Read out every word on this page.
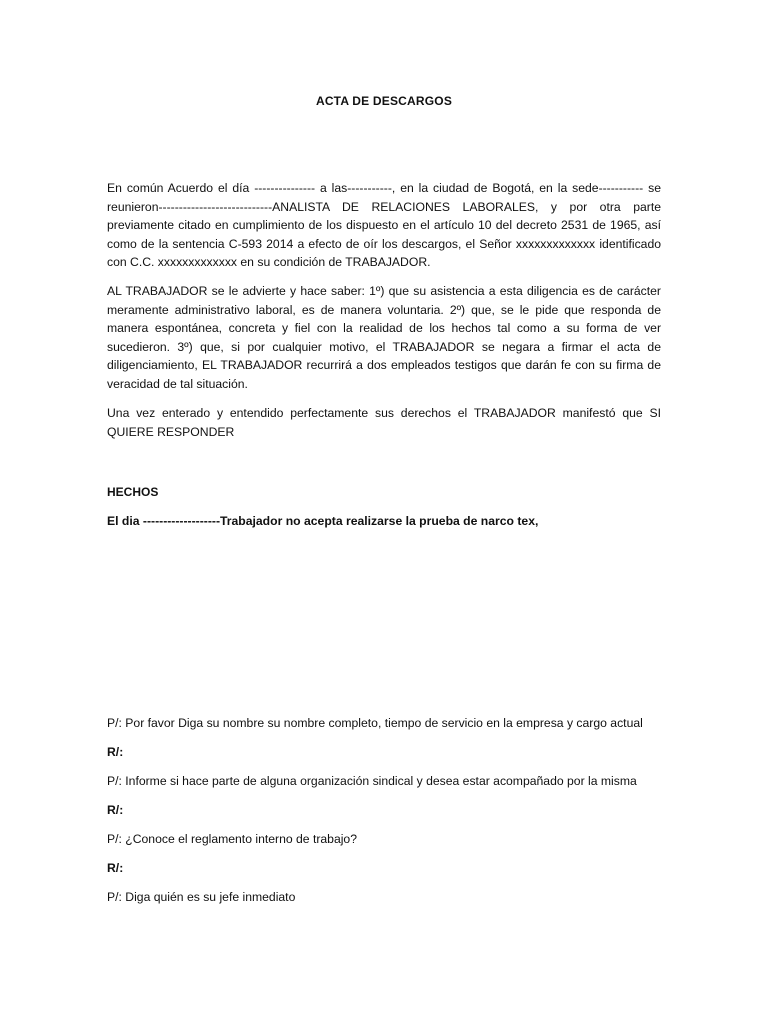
ACTA DE DESCARGOS

En común Acuerdo el día --------------- a las-----------, en la ciudad de Bogotá, en la sede----------- se reunieron----------------------------ANALISTA DE RELACIONES LABORALES, y por otra parte previamente citado en cumplimiento de los dispuesto en el artículo 10 del decreto 2531 de 1965, así como de la sentencia C-593 2014 a efecto de oír los descargos, el Señor xxxxxxxxxxxxx identificado con C.C. xxxxxxxxxxxxx en su condición de TRABAJADOR.

AL TRABAJADOR se le advierte y hace saber: 1º) que su asistencia a esta diligencia es de carácter meramente administrativo laboral, es de manera voluntaria. 2º) que, se le pide que responda de manera espontánea, concreta y fiel con la realidad de los hechos tal como a su forma de ver sucedieron. 3º) que, si por cualquier motivo, el TRABAJADOR se negara a firmar el acta de diligenciamiento, EL TRABAJADOR recurrirá a dos empleados testigos que darán fe con su firma de veracidad de tal situación.

Una vez enterado y entendido perfectamente sus derechos el TRABAJADOR manifestó que SI QUIERE RESPONDER

HECHOS
El dia -------------------Trabajador no acepta realizarse la prueba de narco tex,
P/: Por favor Diga su nombre su nombre completo, tiempo de servicio en la empresa y cargo actual
R/:
P/: Informe si hace parte de alguna organización sindical y desea estar acompañado por la misma
R/:
P/: ¿Conoce el reglamento interno de trabajo?
R/:
P/: Diga quién es su jefe inmediato
